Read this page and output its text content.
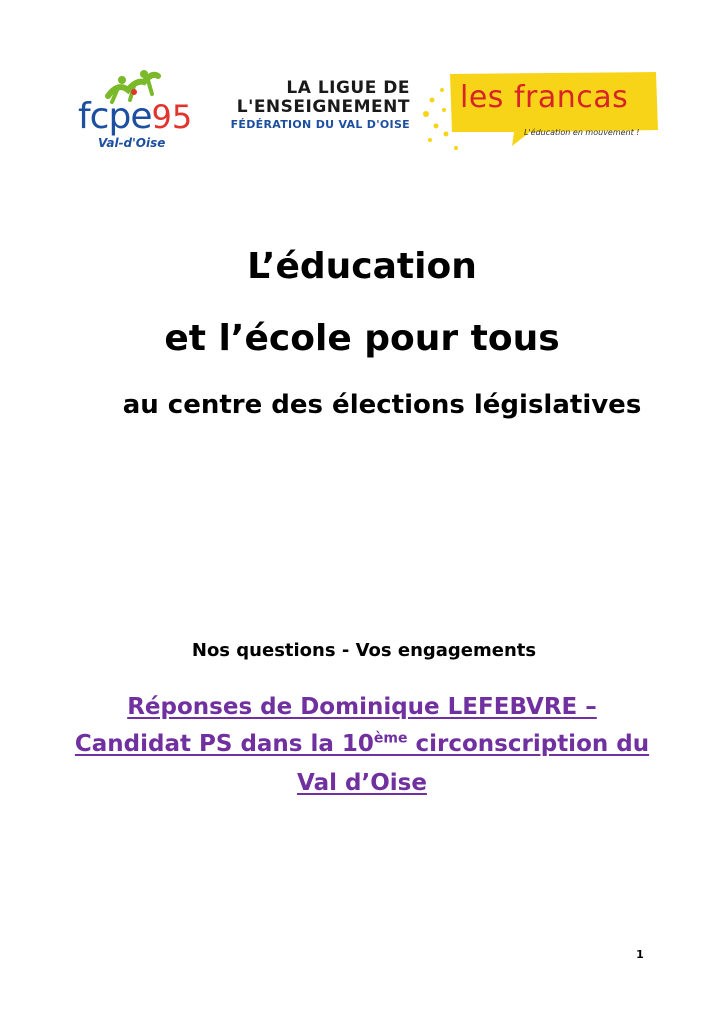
fcpe95
Val-d'Oise
LA LIGUE DE
L'ENSEIGNEMENT
FÉDÉRATION DU VAL D'OISE
les francas
L'éducation en mouvement !
L’éducation
et l’école pour tous
au centre des élections législatives
Nos questions - Vos engagements
Réponses de Dominique LEFEBVRE –
Candidat PS dans la 10ème circonscription du
Val d’Oise
1
